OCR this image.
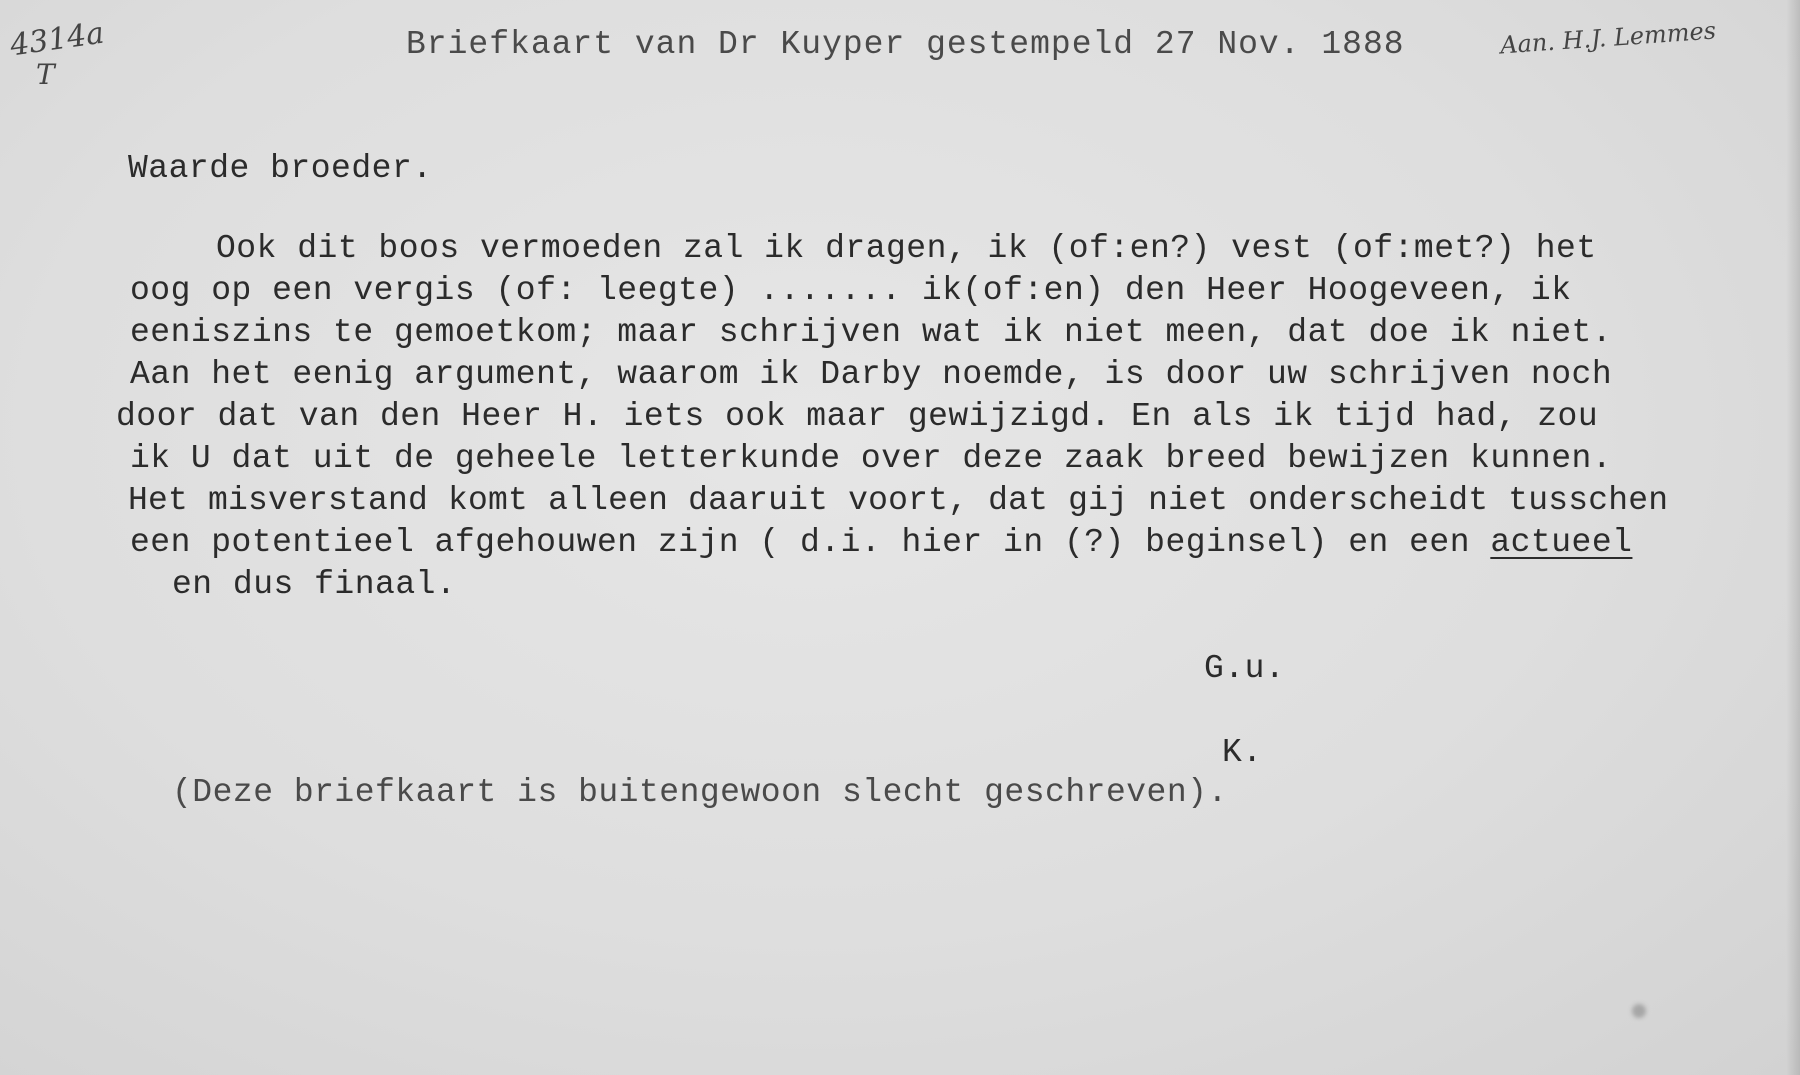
4314a
T
Briefkaart van Dr Kuyper gestempeld 27 Nov. 1888	Aan. H.J. Lemmes
Waarde broeder.
Ook dit boos vermoeden zal ik dragen, ik (of:en?) vest (of:met?) het
oog op een vergis (of: leegte) ....... ik(of:en) den Heer Hoogeveen, ik
eeniszins te gemoetkom; maar schrijven wat ik niet meen, dat doe ik niet.
Aan het eenig argument, waarom ik Darby noemde, is door uw schrijven noch
door dat van den Heer H. iets ook maar gewijzigd. En als ik tijd had, zou
ik U dat uit de geheele letterkunde over deze zaak breed bewijzen kunnen.
Het misverstand komt alleen daaruit voort, dat gij niet onderscheidt tusschen
een potentieel afgehouwen zijn ( d.i. hier in (?) beginsel) en een actueel
en dus finaal.
G.u.
K.
(Deze briefkaart is buitengewoon slecht geschreven).
